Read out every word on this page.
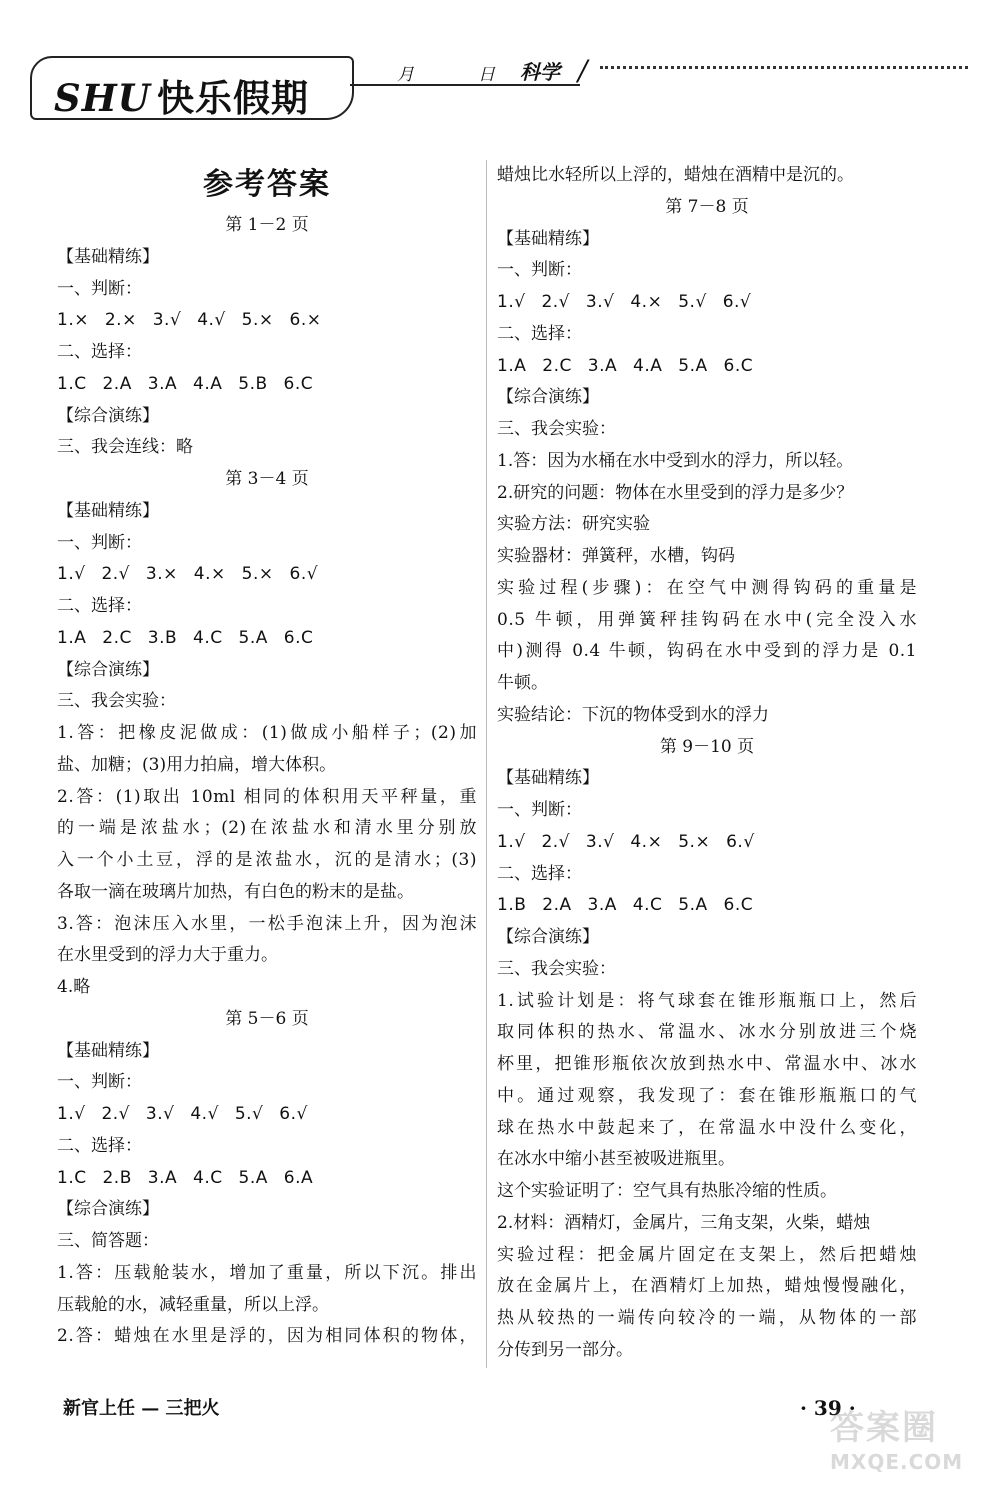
SHU 快乐假期
月	日 科学 /
参考答案
第 1－2 页
【基础精练】
一、判断：
1.× 2.× 3.√ 4.√ 5.× 6.×
二、选择：
1.C 2.A 3.A 4.A 5.B 6.C
【综合演练】
三、我会连线：略
第 3－4 页
【基础精练】
一、判断：
1.√ 2.√ 3.× 4.× 5.× 6.√
二、选择：
1.A 2.C 3.B 4.C 5.A 6.C
【综合演练】
三、我会实验：
1.答：把橡皮泥做成：(1)做成小船样子；(2)加
盐、加糖；(3)用力拍扁，增大体积。
2.答：(1)取出 10ml 相同的体积用天平秤量，重
的一端是浓盐水；(2)在浓盐水和清水里分别放
入一个小土豆，浮的是浓盐水，沉的是清水；(3)
各取一滴在玻璃片加热，有白色的粉末的是盐。
3.答：泡沫压入水里，一松手泡沫上升，因为泡沫
在水里受到的浮力大于重力。
4.略
第 5－6 页
【基础精练】
一、判断：
1.√ 2.√ 3.√ 4.√ 5.√ 6.√
二、选择：
1.C 2.B 3.A 4.C 5.A 6.A
【综合演练】
三、简答题：
1.答：压载舱装水，增加了重量，所以下沉。排出
压载舱的水，减轻重量，所以上浮。
2.答：蜡烛在水里是浮的，因为相同体积的物体，
蜡烛比水轻所以上浮的，蜡烛在酒精中是沉的。
第 7－8 页
【基础精练】
一、判断：
1.√ 2.√ 3.√ 4.× 5.√ 6.√
二、选择：
1.A 2.C 3.A 4.A 5.A 6.C
【综合演练】
三、我会实验：
1.答：因为水桶在水中受到水的浮力，所以轻。
2.研究的问题：物体在水里受到的浮力是多少？
实验方法：研究实验
实验器材：弹簧秤，水槽，钩码
实验过程(步骤)：在空气中测得钩码的重量是
0.5 牛顿，用弹簧秤挂钩码在水中(完全没入水
中)测得 0.4 牛顿，钩码在水中受到的浮力是 0.1
牛顿。
实验结论：下沉的物体受到水的浮力
第 9－10 页
【基础精练】
一、判断：
1.√ 2.√ 3.√ 4.× 5.× 6.√
二、选择：
1.B 2.A 3.A 4.C 5.A 6.C
【综合演练】
三、我会实验：
1.试验计划是：将气球套在锥形瓶瓶口上，然后
取同体积的热水、常温水、冰水分别放进三个烧
杯里，把锥形瓶依次放到热水中、常温水中、冰水
中。通过观察，我发现了：套在锥形瓶瓶口的气
球在热水中鼓起来了，在常温水中没什么变化，
在冰水中缩小甚至被吸进瓶里。
这个实验证明了：空气具有热胀冷缩的性质。
2.材料：酒精灯，金属片，三角支架，火柴，蜡烛
实验过程：把金属片固定在支架上，然后把蜡烛
放在金属片上，在酒精灯上加热，蜡烛慢慢融化，
热从较热的一端传向较冷的一端，从物体的一部
分传到另一部分。
新官上任 — 三把火	· 39 ·
答案圈
MXQE.COM
